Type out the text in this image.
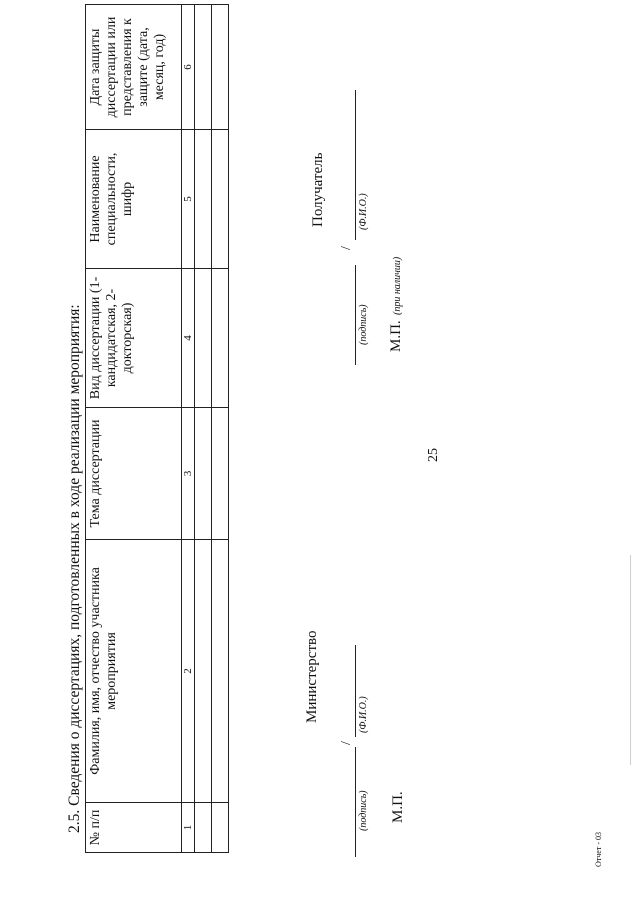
25
2.5. Сведения о диссертациях, подготовленных в ходе реализации мероприятия: № п/п	Фамилия, имя, отчество участника мероприятия	Тема диссертации	Вид диссертации (1-кандидатская, 2-докторская)	Наименование специальности, шифр	Дата защиты диссертации или представления к защите (дата, месяц, год)
1	2	3	4	5	6

Министерство
/
(подпись)
(Ф.И.О.)
М.П.
Получатель
/
(подпись)
(Ф.И.О.)
М.П.
(при наличии)
Отчет - 03
